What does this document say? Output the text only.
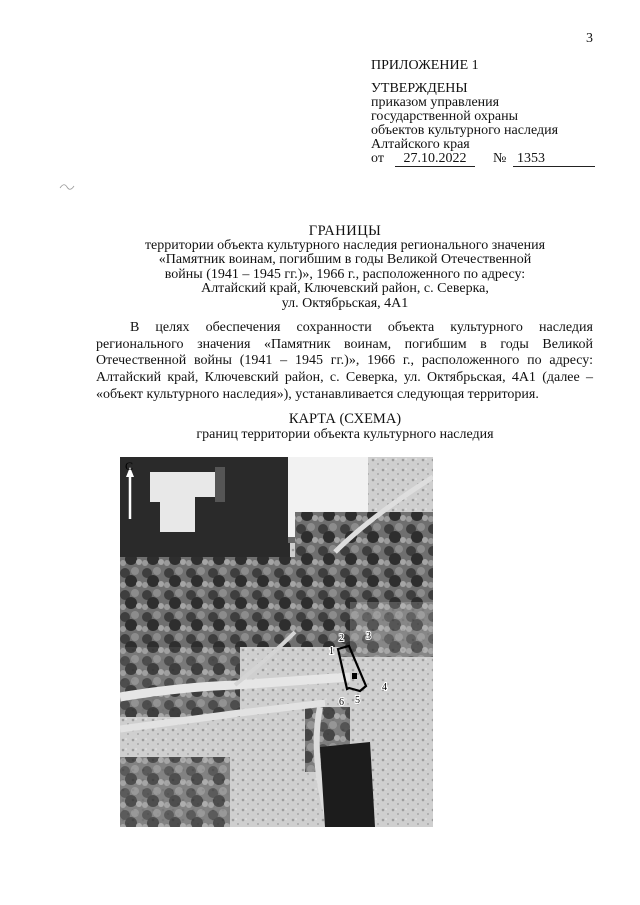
3
ПРИЛОЖЕНИЕ 1
УТВЕРЖДЕНЫ
приказом управления
государственной охраны
объектов культурного наследия
Алтайского края
от	27.10.2022	№ 1353
ГРАНИЦЫ
территории объекта культурного наследия регионального значения
«Памятник воинам, погибшим в годы Великой Отечественной
войны (1941 – 1945 гг.)», 1966 г., расположенного по адресу:
Алтайский край, Ключевский район, с. Северка,
ул. Октябрьская, 4А1
В целях обеспечения сохранности объекта культурного наследия регионального значения «Памятник воинам, погибшим в годы Великой Отечественной войны (1941 – 1945 гг.)», 1966 г., расположенного по адресу: Алтайский край, Ключевский район, с. Северка, ул. Октябрьская, 4А1 (далее – «объект культурного наследия»), устанавливается следующая территория.
КАРТА (СХЕМА)
границ территории объекта культурного наследия
С
1
2 3
4
5
6
